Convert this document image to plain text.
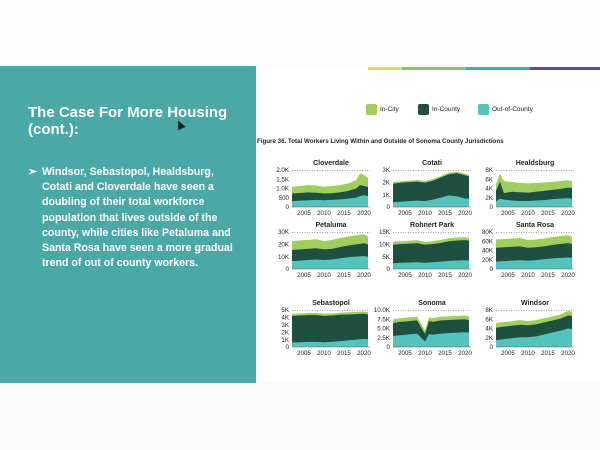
The Case For More Housing (cont.):
➢ Windsor, Sebastopol, Healdsburg, Cotati and Cloverdale have seen a doubling of their total workforce population that lives outside of the county, while cities like Petaluma and Santa Rosa have seen a more gradual trend of out of county workers.
In-City	In-County	Out-of-County
Figure 36. Total Workers Living Within and Outside of Sonoma County Jurisdictions
Cloverdale
0
500
1.0K
1.5K
2.0K
2005 2010 2015 2020
Cotati
0
1K
2K
3K
2005 2010 2015 2020
Healdsburg
0
2K
4K
6K
8K
2005 2010 2015 2020
Petaluma
0
10K
20K
30K
2005 2010 2015 2020
Rohnert Park
0
5K
10K
15K
2005 2010 2015 2020
Santa Rosa
0
20K
40K
60K
80K
2005 2010 2015 2020
Sebastopol
0
1K
2K
3K
4K
5K
2005 2010 2015 2020
Sonoma
0
2.5K
5.0K
7.5K
10.0K
2005 2010 2015 2020
Windsor
0
2K
4K
6K
8K
2005 2010 2015 2020
